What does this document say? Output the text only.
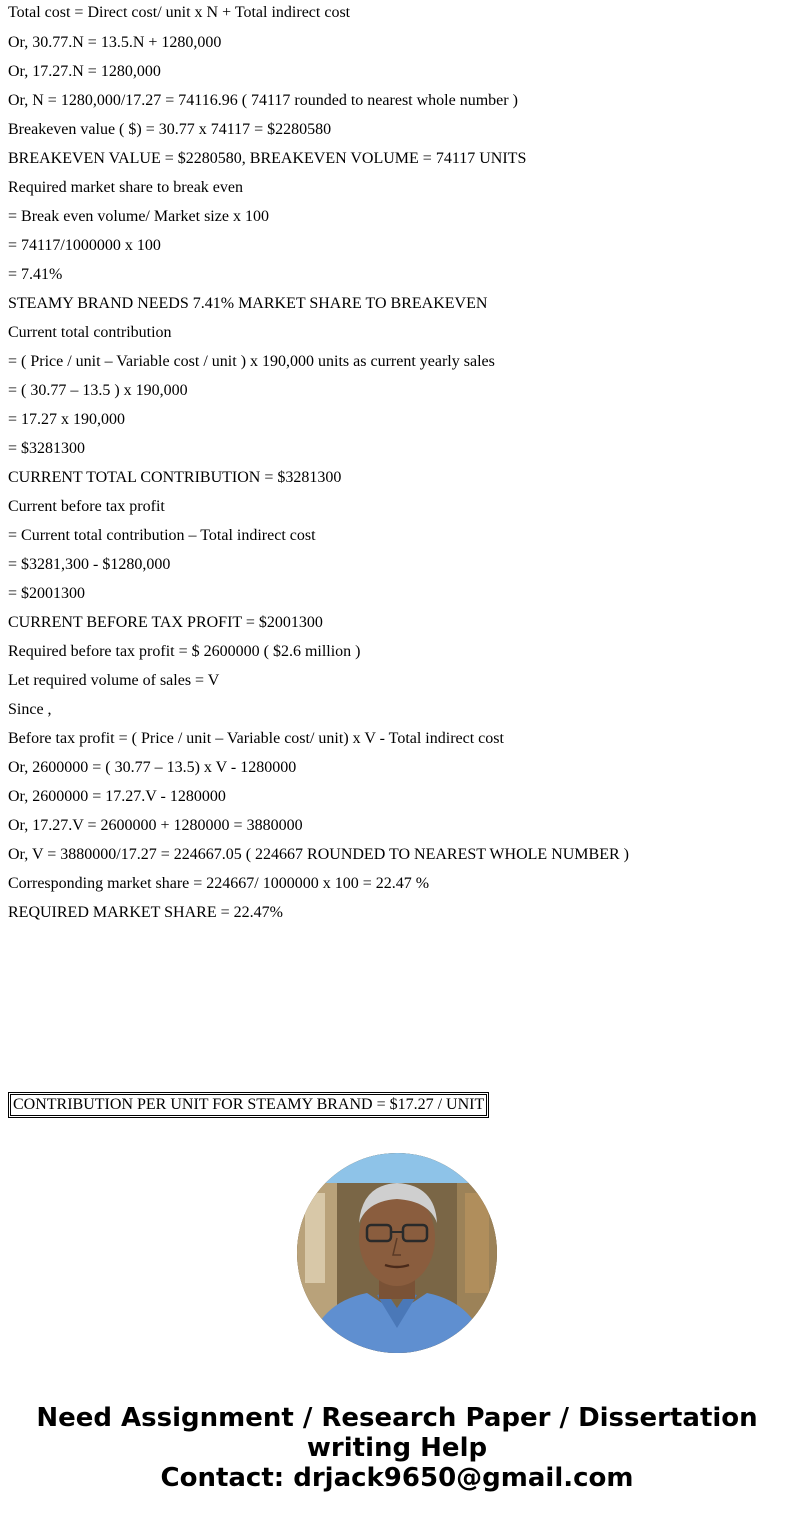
Total cost = Direct cost/ unit x N + Total indirect cost

Or, 30.77.N = 13.5.N + 1280,000

Or, 17.27.N = 1280,000

Or, N = 1280,000/17.27 = 74116.96 ( 74117 rounded to nearest whole number )

Breakeven value ( $) = 30.77 x 74117 = $2280580

BREAKEVEN VALUE = $2280580, BREAKEVEN VOLUME = 74117 UNITS

Required market share to break even

= Break even volume/ Market size x 100

= 74117/1000000 x 100

= 7.41%

STEAMY BRAND NEEDS 7.41% MARKET SHARE TO BREAKEVEN

Current total contribution

= ( Price / unit – Variable cost / unit ) x 190,000 units as current yearly sales

= ( 30.77 – 13.5 ) x 190,000

= 17.27 x 190,000

= $3281300

CURRENT TOTAL CONTRIBUTION = $3281300

Current before tax profit

= Current total contribution – Total indirect cost

= $3281,300 - $1280,000

= $2001300

CURRENT BEFORE TAX PROFIT = $2001300

Required before tax profit = $ 2600000 ( $2.6 million )

Let required volume of sales = V

Since ,

Before tax profit = ( Price / unit – Variable cost/ unit) x V - Total indirect cost

Or, 2600000 = ( 30.77 – 13.5) x V - 1280000

Or, 2600000 = 17.27.V - 1280000

Or, 17.27.V = 2600000 + 1280000 = 3880000

Or, V = 3880000/17.27 = 224667.05 ( 224667 ROUNDED TO NEAREST WHOLE NUMBER )

Corresponding market share = 224667/ 1000000 x 100 = 22.47 %

REQUIRED MARKET SHARE = 22.47%

CONTRIBUTION PER UNIT FOR STEAMY BRAND = $17.27 / UNIT
Need Assignment / Research Paper / Dissertation
writing Help
Contact: drjack9650@gmail.com
